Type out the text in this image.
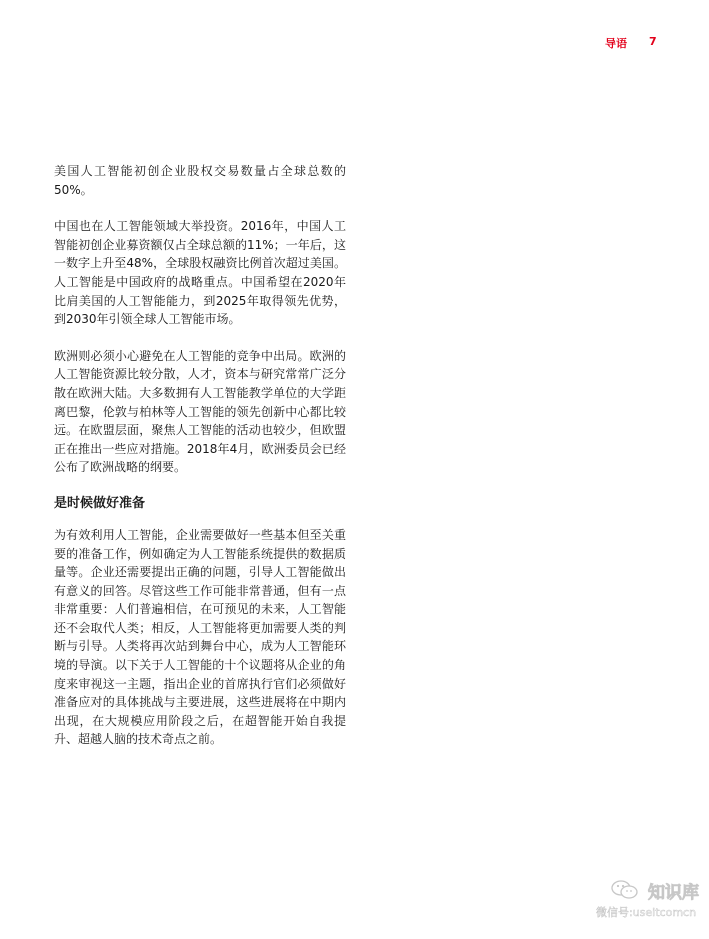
导语 7

美国人工智能初创企业股权交易数量占全球总数的50%。

中国也在人工智能领域大举投资。2016年，中国人工智能初创企业募资额仅占全球总额的11%；一年后，这一数字上升至48%，全球股权融资比例首次超过美国。人工智能是中国政府的战略重点。中国希望在2020年比肩美国的人工智能能力，到2025年取得领先优势，到2030年引领全球人工智能市场。

欧洲则必须小心避免在人工智能的竞争中出局。欧洲的人工智能资源比较分散，人才，资本与研究常常广泛分散在欧洲大陆。大多数拥有人工智能教学单位的大学距离巴黎，伦敦与柏林等人工智能的领先创新中心都比较远。在欧盟层面，聚焦人工智能的活动也较少，但欧盟正在推出一些应对措施。2018年4月，欧洲委员会已经公布了欧洲战略的纲要。

是时候做好准备

为有效利用人工智能，企业需要做好一些基本但至关重要的准备工作，例如确定为人工智能系统提供的数据质量等。企业还需要提出正确的问题，引导人工智能做出有意义的回答。尽管这些工作可能非常普通，但有一点非常重要：人们普遍相信，在可预见的未来，人工智能还不会取代人类；相反，人工智能将更加需要人类的判断与引导。人类将再次站到舞台中心，成为人工智能环境的导演。以下关于人工智能的十个议题将从企业的角度来审视这一主题，指出企业的首席执行官们必须做好准备应对的具体挑战与主要进展，这些进展将在中期内出现，在大规模应用阶段之后，在超智能开始自我提升、超越人脑的技术奇点之前。

知识库
微信号:useitcomcn
